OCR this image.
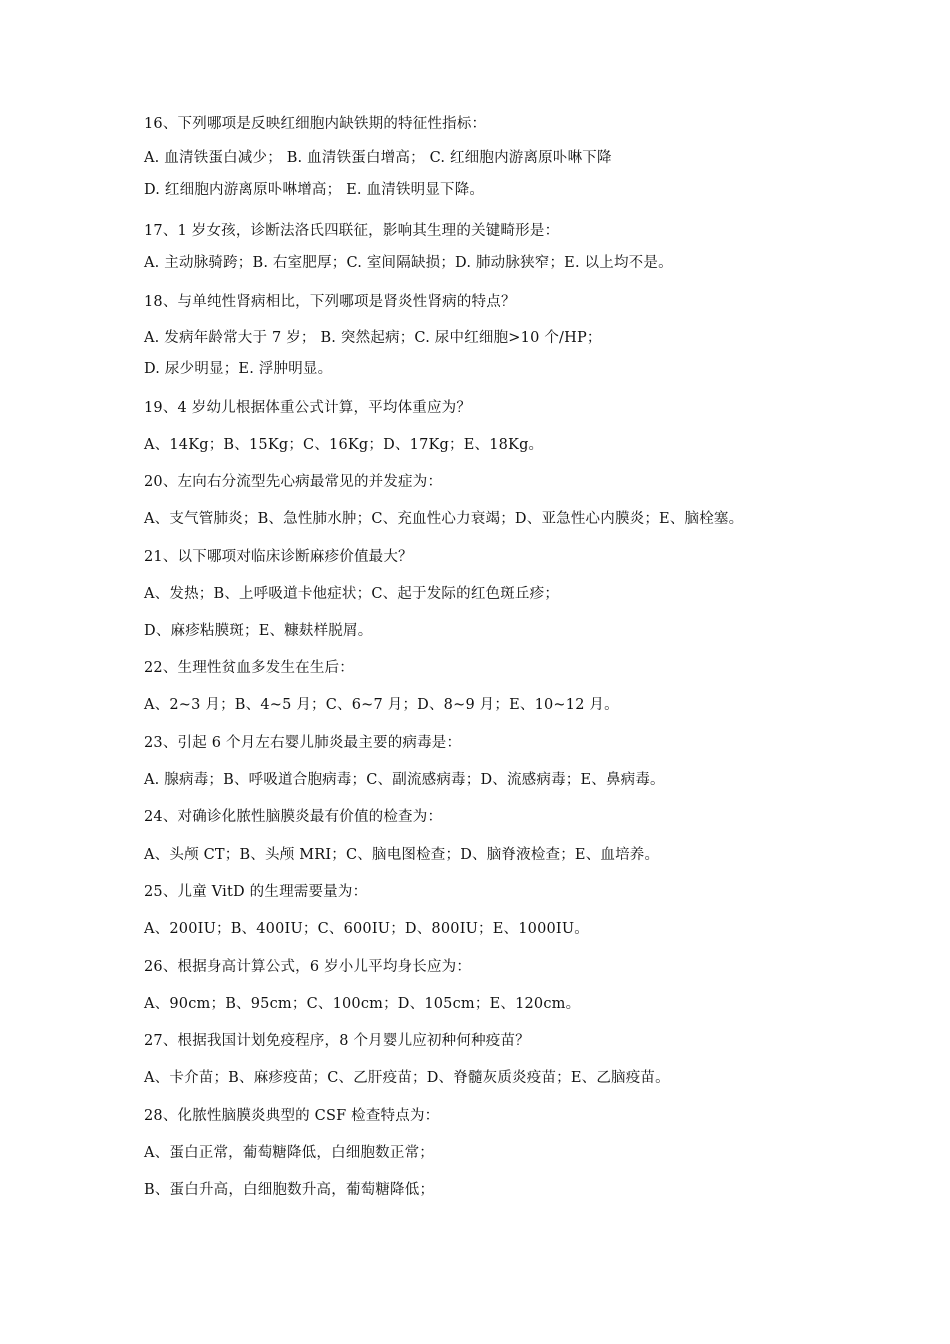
16、下列哪项是反映红细胞内缺铁期的特征性指标：
A. 血清铁蛋白减少； B. 血清铁蛋白增高； C. 红细胞内游离原卟啉下降
D. 红细胞内游离原卟啉增高； E. 血清铁明显下降。
17、1 岁女孩，诊断法洛氏四联征，影响其生理的关键畸形是：
A. 主动脉骑跨；B. 右室肥厚；C. 室间隔缺损；D. 肺动脉狭窄；E. 以上均不是。
18、与单纯性肾病相比，下列哪项是肾炎性肾病的特点？
A. 发病年龄常大于 7 岁； B. 突然起病；C. 尿中红细胞>10 个/HP；
D. 尿少明显；E. 浮肿明显。
19、4 岁幼儿根据体重公式计算，平均体重应为？
A、14Kg；B、15Kg；C、16Kg；D、17Kg；E、18Kg。
20、左向右分流型先心病最常见的并发症为：
A、支气管肺炎；B、急性肺水肿；C、充血性心力衰竭；D、亚急性心内膜炎；E、脑栓塞。
21、以下哪项对临床诊断麻疹价值最大？
A、发热；B、上呼吸道卡他症状；C、起于发际的红色斑丘疹；
D、麻疹粘膜斑；E、糠麸样脱屑。
22、生理性贫血多发生在生后：
A、2~3 月；B、4~5 月；C、6~7 月；D、8~9 月；E、10~12 月。
23、引起 6 个月左右婴儿肺炎最主要的病毒是：
A. 腺病毒；B、呼吸道合胞病毒；C、副流感病毒；D、流感病毒；E、鼻病毒。
24、对确诊化脓性脑膜炎最有价值的检查为：
A、头颅 CT；B、头颅 MRI；C、脑电图检查；D、脑脊液检查；E、血培养。
25、儿童 VitD 的生理需要量为：
A、200IU；B、400IU；C、600IU；D、800IU；E、1000IU。
26、根据身高计算公式，6 岁小儿平均身长应为：
A、90cm；B、95cm；C、100cm；D、105cm；E、120cm。
27、根据我国计划免疫程序，8 个月婴儿应初种何种疫苗？
A、卡介苗；B、麻疹疫苗；C、乙肝疫苗；D、脊髓灰质炎疫苗；E、乙脑疫苗。
28、化脓性脑膜炎典型的 CSF 检查特点为：
A、蛋白正常，葡萄糖降低，白细胞数正常；
B、蛋白升高，白细胞数升高，葡萄糖降低；
